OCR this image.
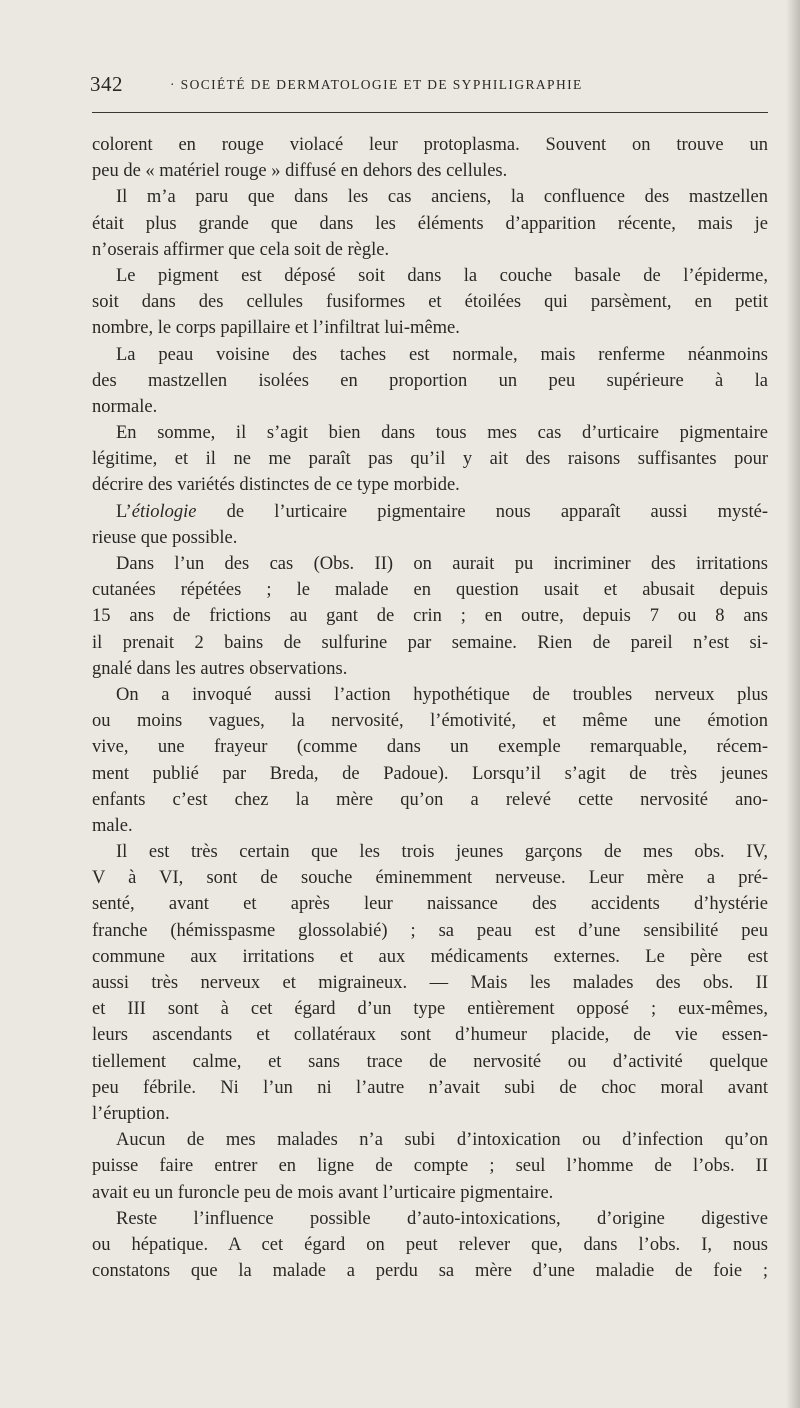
342	· SOCIÉTÉ DE DERMATOLOGIE ET DE SYPHILIGRAPHIE
colorent en rouge violacé leur protoplasma. Souvent on trouve un
peu de « matériel rouge » diffusé en dehors des cellules.
Il m’a paru que dans les cas anciens, la confluence des mastzellen
était plus grande que dans les éléments d’apparition récente, mais je
n’oserais affirmer que cela soit de règle.
Le pigment est déposé soit dans la couche basale de l’épiderme,
soit dans des cellules fusiformes et étoilées qui parsèment, en petit
nombre, le corps papillaire et l’infiltrat lui-même.
La peau voisine des taches est normale, mais renferme néanmoins
des mastzellen isolées en proportion un peu supérieure à la
normale.
En somme, il s’agit bien dans tous mes cas d’urticaire pigmentaire
légitime, et il ne me paraît pas qu’il y ait des raisons suffisantes pour
décrire des variétés distinctes de ce type morbide.
L’étiologie de l’urticaire pigmentaire nous apparaît aussi mysté-
rieuse que possible.
Dans l’un des cas (Obs. II) on aurait pu incriminer des irritations
cutanées répétées ; le malade en question usait et abusait depuis
15 ans de frictions au gant de crin ; en outre, depuis 7 ou 8 ans
il prenait 2 bains de sulfurine par semaine. Rien de pareil n’est si-
gnalé dans les autres observations.
On a invoqué aussi l’action hypothétique de troubles nerveux plus
ou moins vagues, la nervosité, l’émotivité, et même une émotion
vive, une frayeur (comme dans un exemple remarquable, récem-
ment publié par Breda, de Padoue). Lorsqu’il s’agit de très jeunes
enfants c’est chez la mère qu’on a relevé cette nervosité ano-
male.
Il est très certain que les trois jeunes garçons de mes obs. IV,
V à VI, sont de souche éminemment nerveuse. Leur mère a pré-
senté, avant et après leur naissance des accidents d’hystérie
franche (hémisspasme glossolabié) ; sa peau est d’une sensibilité peu
commune aux irritations et aux médicaments externes. Le père est
aussi très nerveux et migraineux. — Mais les malades des obs. II
et III sont à cet égard d’un type entièrement opposé ; eux-mêmes,
leurs ascendants et collatéraux sont d’humeur placide, de vie essen-
tiellement calme, et sans trace de nervosité ou d’activité quelque
peu fébrile. Ni l’un ni l’autre n’avait subi de choc moral avant
l’éruption.
Aucun de mes malades n’a subi d’intoxication ou d’infection qu’on
puisse faire entrer en ligne de compte ; seul l’homme de l’obs. II
avait eu un furoncle peu de mois avant l’urticaire pigmentaire.
Reste l’influence possible d’auto-intoxications, d’origine digestive
ou hépatique. A cet égard on peut relever que, dans l’obs. I, nous
constatons que la malade a perdu sa mère d’une maladie de foie ;
